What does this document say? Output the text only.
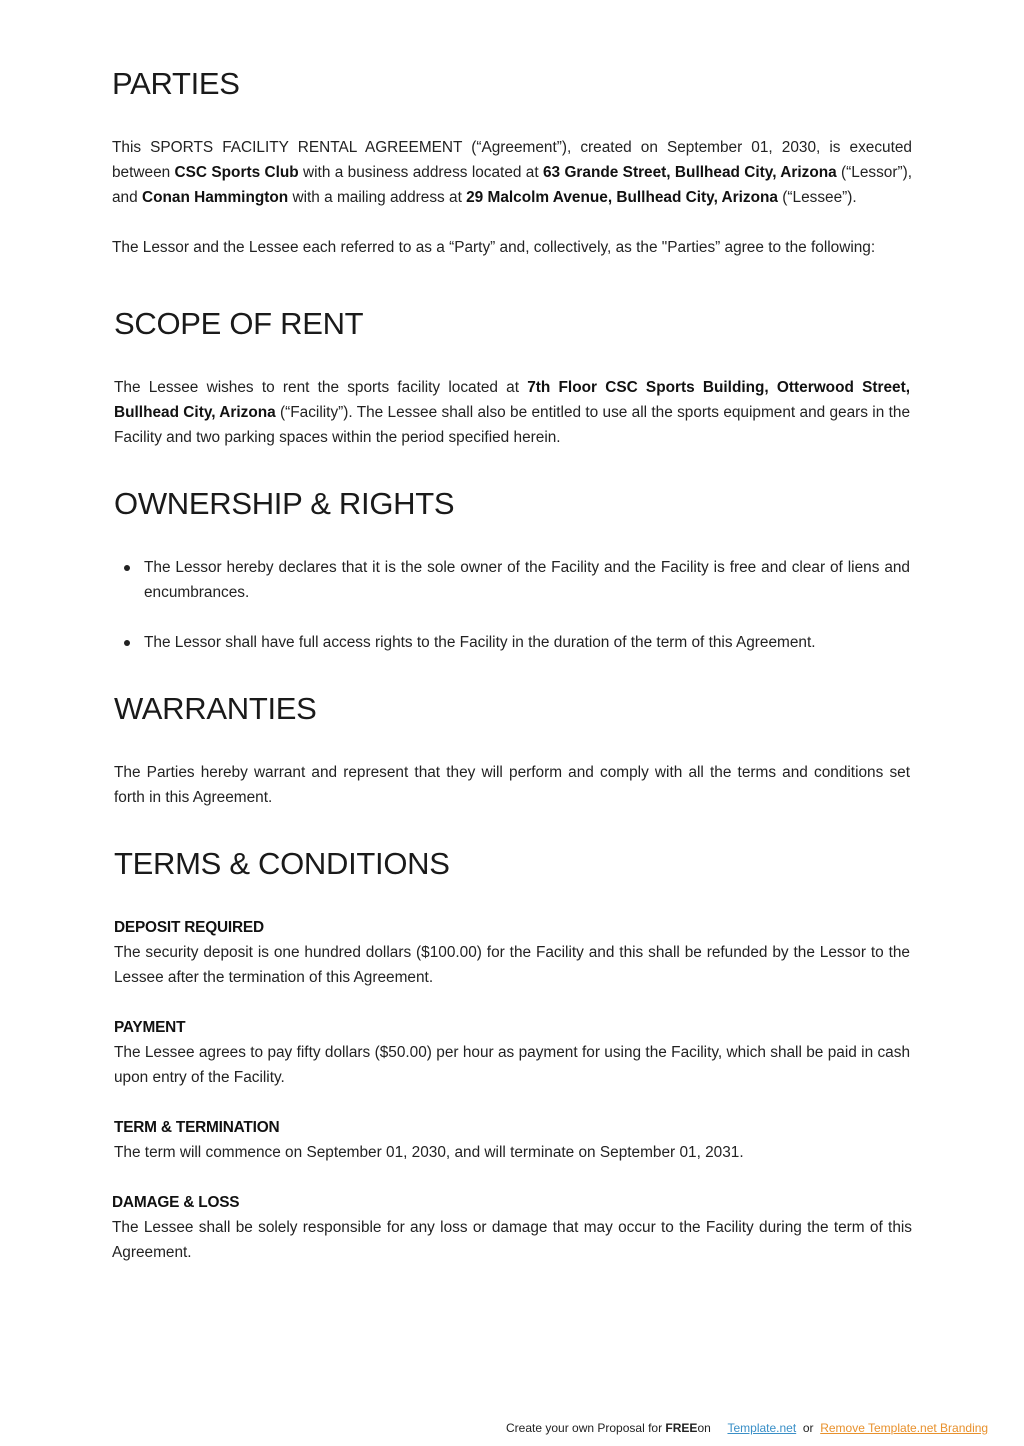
PARTIES

This SPORTS FACILITY RENTAL AGREEMENT (“Agreement”), created on September 01, 2030, is executed between CSC Sports Club with a business address located at 63 Grande Street, Bullhead City, Arizona (“Lessor”), and Conan Hammington with a mailing address at 29 Malcolm Avenue, Bullhead City, Arizona (“Lessee”).

The Lessor and the Lessee each referred to as a “Party” and, collectively, as the "Parties” agree to the following:

SCOPE OF RENT

The Lessee wishes to rent the sports facility located at 7th Floor CSC Sports Building, Otterwood Street, Bullhead City, Arizona (“Facility”). The Lessee shall also be entitled to use all the sports equipment and gears in the Facility and two parking spaces within the period specified herein.

OWNERSHIP & RIGHTS

The Lessor hereby declares that it is the sole owner of the Facility and the Facility is free and clear of liens and encumbrances.

The Lessor shall have full access rights to the Facility in the duration of the term of this Agreement.

WARRANTIES

The Parties hereby warrant and represent that they will perform and comply with all the terms and conditions set forth in this Agreement.

TERMS & CONDITIONS

DEPOSIT REQUIRED

The security deposit is one hundred dollars ($100.00) for the Facility and this shall be refunded by the Lessor to the Lessee after the termination of this Agreement.

PAYMENT

The Lessee agrees to pay fifty dollars ($50.00) per hour as payment for using the Facility, which shall be paid in cash upon entry of the Facility.

TERM & TERMINATION

The term will commence on September 01, 2030, and will terminate on September 01, 2031.

DAMAGE & LOSS

The Lessee shall be solely responsible for any loss or damage that may occur to the Facility during the term of this Agreement.

Create your own Proposal for FREEon Template.net or Remove Template.net Branding
